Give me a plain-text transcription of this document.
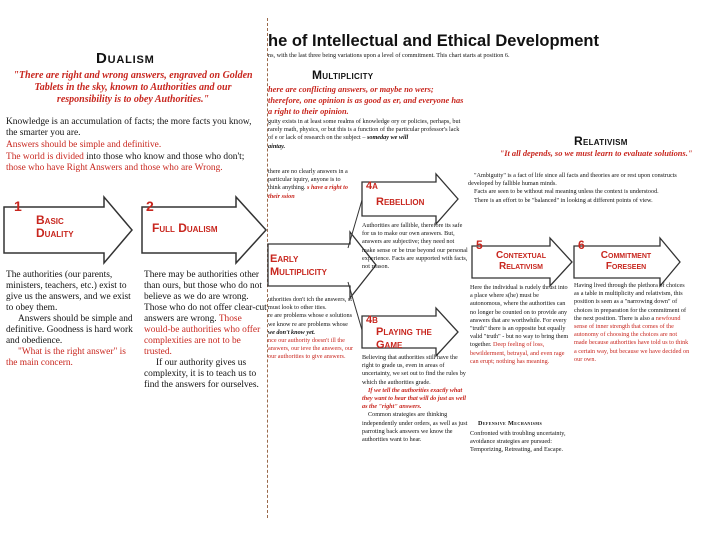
Dualism
"There are right and wrong answers, engraved on Golden Tablets in the sky, known to Authorities and our responsibility is to obey Authorities."
Knowledge is an accumulation of facts; the more facts you know, the smarter you are.
Answers should be simple and definitive.
The world is divided into those who know and those who don't; those who have Right Answers and those who are Wrong.
1
Basic Duality
2
Full Dualism
The authorities (our parents, ministers, teachers, etc.) exist to give us the answers, and we exist to obey them.
Answers should be simple and definitive. Goodness is hard work and obedience.
"What is the right answer" is the main concern.
There may be authorities other than ours, but those who do not believe as we do are wrong. Those who do not offer clear-cut answers are wrong. Those would-be authorities who offer complexities are not to be trusted.
If our authority gives us complexity, it is to teach us to find the answers for ourselves.
he of Intellectual and Ethical Development
ns, with the last three being variations upon a level of commitment. This chart starts at position 6.
Multiplicity
here are conflicting answers, or maybe no wers; therefore, one opinion is as good as er, and everyone has a right to their opinion.
guity exists in at least some realms of knowledge ory or policies, perhaps, but rarely math, physics, or but this is a function of the particular professor's lack of e or lack of research on the subject – someday we will
aintay.	Relativism
"It all depends, so we must learn to evaluate solutions."
"Ambiguity" is a fact of life since all facts and theories are or rest upon constructs developed by fallible human minds.
Facts are seen to be without real meaning unless the context is understood.
There is an effort to be "balanced" in looking at different points of view.
there are no clearly answers in a particular iquiry, anyone is to think anything. s have a right to their ssion
Early Multiplicity
4a
Rebellion
4b
Playing the Game
5
Contextual Relativism
6
Commitment Foreseen
uthorities don't ich the answers, st must look to other ities.
re are problems whose e solutions we know re are problems whose
we don't know yet.
nce our authority doesn't ill the answers, our ieve the answers, our
our authorities to give answers.
Authorities are fallible, therefore its safe for us to make our own answers. But, answers are subjective; they need not make sense or be true beyond our personal experience. Facts are supported with facts, not reason.
Believing that authorities still have the right to grade us, even in areas of uncertainty, we set out to find the rules by which the authorities grade.
If we tell the authorities exactly what they want to hear that will do just as well as the "right" answers.
Common strategies are thinking independently under orders, as well as just parroting back answers we know the authorities want to hear.
Here the individual is rudely thrust into a place where s(he) must be autonomous, where the authorities can no longer be counted on to provide any answers that are worthwhile. For every "truth" there is an opposite but equally valid "truth" - but no way to bring them together. Deep feeling of loss, bewilderment, betrayal, and even rage can erupt; nothing has meaning.
Defensive Mechanisms
Confronted with troubling uncertainty, avoidance strategies are pursued: Temporizing, Retreating, and Escape.
Having lived through the plethora of choices as a table in multiplicity and relativism, this position is seen as a "narrowing down" of choices in preparation for the commitment of the next position. There is also a newfound sense of inner strength that comes of the autonomy of choosing the choices are not made because authorities have told us to think a certain way, but because we have decided on our own.
